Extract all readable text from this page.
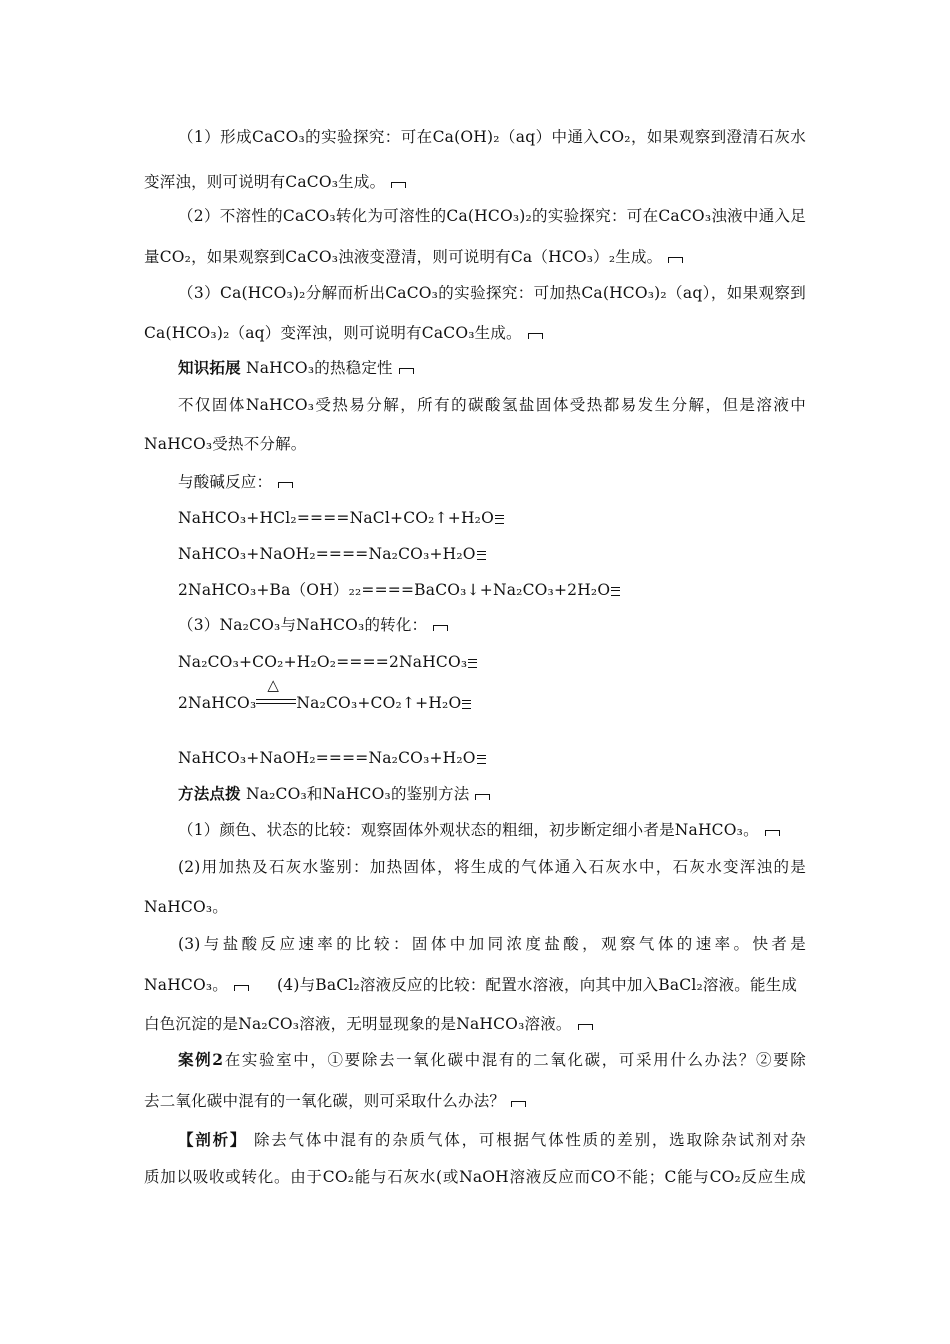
（1）形成CaCO₃的实验探究：可在Ca(OH)₂（aq）中通入CO₂，如果观察到澄清石灰水
变浑浊，则可说明有CaCO₃生成。
（2）不溶性的CaCO₃转化为可溶性的Ca(HCO₃)₂的实验探究：可在CaCO₃浊液中通入足
量CO₂，如果观察到CaCO₃浊液变澄清，则可说明有Ca（HCO₃）₂生成。
（3）Ca(HCO₃)₂分解而析出CaCO₃的实验探究：可加热Ca(HCO₃)₂（aq），如果观察到
Ca(HCO₃)₂（aq）变浑浊，则可说明有CaCO₃生成。
知识拓展 NaHCO₃的热稳定性
不仅固体NaHCO₃受热易分解，所有的碳酸氢盐固体受热都易发生分解，但是溶液中
NaHCO₃受热不分解。
与酸碱反应：
NaHCO₃+HCl₂====NaCl+CO₂↑+H₂O
NaHCO₃+NaOH₂====Na₂CO₃+H₂O
2NaHCO₃+Ba（OH）₂₂====BaCO₃↓+Na₂CO₃+2H₂O
（3）Na₂CO₃与NaHCO₃的转化：
Na₂CO₃+CO₂+H₂O₂====2NaHCO₃
2NaHCO₃
△
Na₂CO₃+CO₂↑+H₂O
NaHCO₃+NaOH₂====Na₂CO₃+H₂O
方法点拨 Na₂CO₃和NaHCO₃的鉴别方法
（1）颜色、状态的比较：观察固体外观状态的粗细，初步断定细小者是NaHCO₃。
(2)用加热及石灰水鉴别：加热固体，将生成的气体通入石灰水中，石灰水变浑浊的是
NaHCO₃。
(3)与盐酸反应速率的比较：固体中加同浓度盐酸，观察气体的速率。快者是
NaHCO₃。	(4)与BaCl₂溶液反应的比较：配置水溶液，向其中加入BaCl₂溶液。能生成
白色沉淀的是Na₂CO₃溶液，无明显现象的是NaHCO₃溶液。
案例2在实验室中，①要除去一氧化碳中混有的二氧化碳，可采用什么办法？②要除
去二氧化碳中混有的一氧化碳，则可采取什么办法？
【剖析】 除去气体中混有的杂质气体，可根据气体性质的差别，选取除杂试剂对杂
质加以吸收或转化。由于CO₂能与石灰水(或NaOH溶液反应而CO不能；C能与CO₂反应生成
